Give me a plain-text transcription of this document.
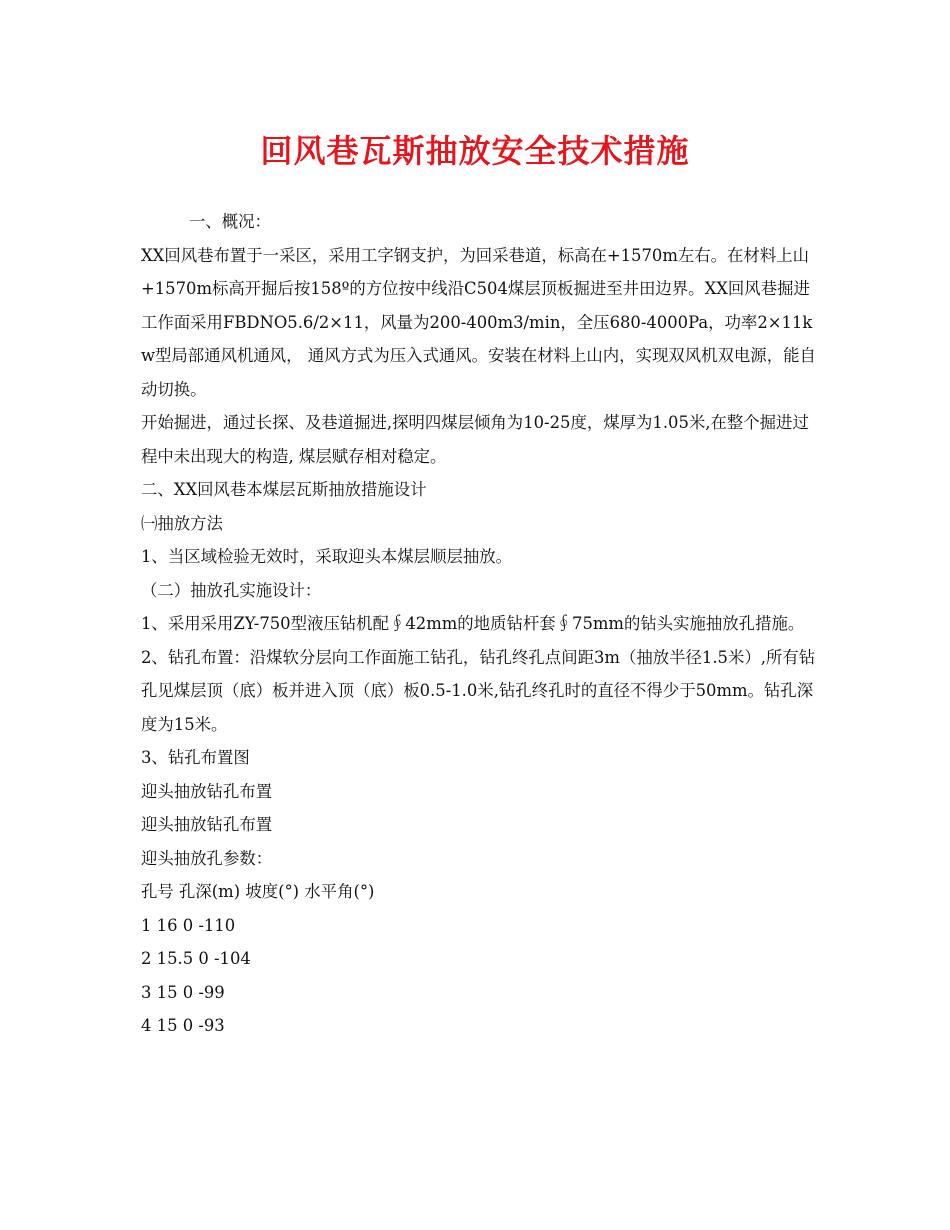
回风巷瓦斯抽放安全技术措施

一、概况：

XX回风巷布置于一采区，采用工字钢支护，为回采巷道，标高在+1570m左右。在材料上山+1570m标高开掘后按158º的方位按中线沿C504煤层顶板掘进至井田边界。XX回风巷掘进工作面采用FBDNO5.6/2×11，风量为200-400m3/min，全压680-4000Pa，功率2×11kw型局部通风机通风， 通风方式为压入式通风。安装在材料上山内，实现双风机双电源，能自动切换。

开始掘进，通过长探、及巷道掘进,探明四煤层倾角为10-25度，煤厚为1.05米,在整个掘进过程中未出现大的构造, 煤层赋存相对稳定。

二、XX回风巷本煤层瓦斯抽放措施设计

㈠抽放方法

1、当区域检验无效时，采取迎头本煤层顺层抽放。

（二）抽放孔实施设计：

1、采用采用ZY-750型液压钻机配∮42mm的地质钻杆套∮75mm的钻头实施抽放孔措施。

2、钻孔布置：沿煤软分层向工作面施工钻孔，钻孔终孔点间距3m（抽放半径1.5米）,所有钻孔见煤层顶（底）板并进入顶（底）板0.5-1.0米,钻孔终孔时的直径不得少于50mm。钻孔深度为15米。

3、钻孔布置图

迎头抽放钻孔布置

迎头抽放钻孔布置

迎头抽放孔参数：

孔号 孔深(m) 坡度(°) 水平角(°)

1 16 0 -110

2 15.5 0 -104

3 15 0 -99

4 15 0 -93
